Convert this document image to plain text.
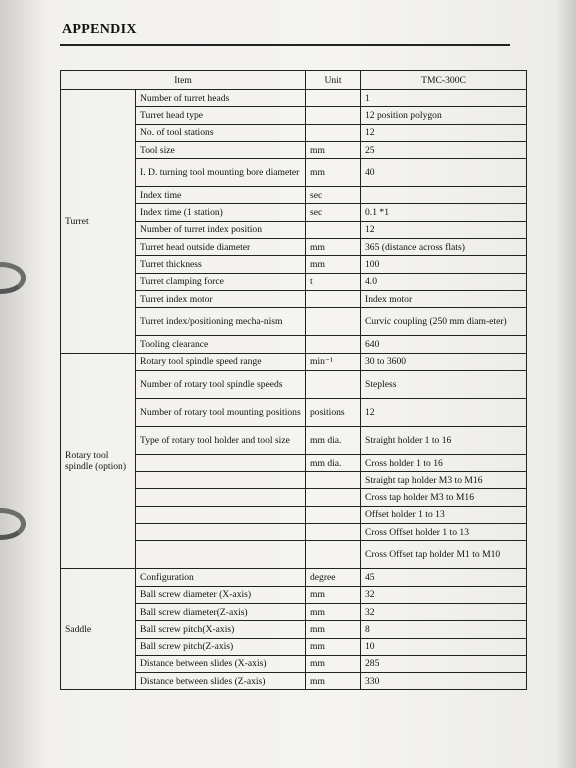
APPENDIX
Item		Unit	TMC-300C
Turret	Number of turret heads		1
	Turret head type		12 position polygon
	No. of tool stations		12
	Tool size	mm	25
	I. D. turning tool mounting bore diameter	mm	40
	Index time	sec	
	Index time (1 station)	sec	0.1 *1
	Number of turret index position		12
	Turret head outside diameter	mm	365 (distance across flats)
	Turret thickness	mm	100
	Turret clamping force	t	4.0
	Turret index motor		Index motor
	Turret index/positioning mecha-nism		Curvic coupling (250 mm diam-eter)
	Tooling clearance		640
Rotary tool spindle (option)	Rotary tool spindle speed range	min⁻¹	30 to 3600
	Number of rotary tool spindle speeds		Stepless
	Number of rotary tool mounting positions	positions	12
	Type of rotary tool holder and tool size	mm dia.	Straight holder 1 to 16
		mm dia.	Cross holder 1 to 16
			Straight tap holder M3 to M16
			Cross tap holder M3 to M16
			Offset holder 1 to 13
			Cross Offset holder 1 to 13
			Cross Offset tap holder M1 to M10
Saddle	Configuration	degree	45
	Ball screw diameter (X-axis)	mm	32
	Ball screw diameter(Z-axis)	mm	32
	Ball screw pitch(X-axis)	mm	8
	Ball screw pitch(Z-axis)	mm	10
	Distance between slides (X-axis)	mm	285
	Distance between slides (Z-axis)	mm	330
